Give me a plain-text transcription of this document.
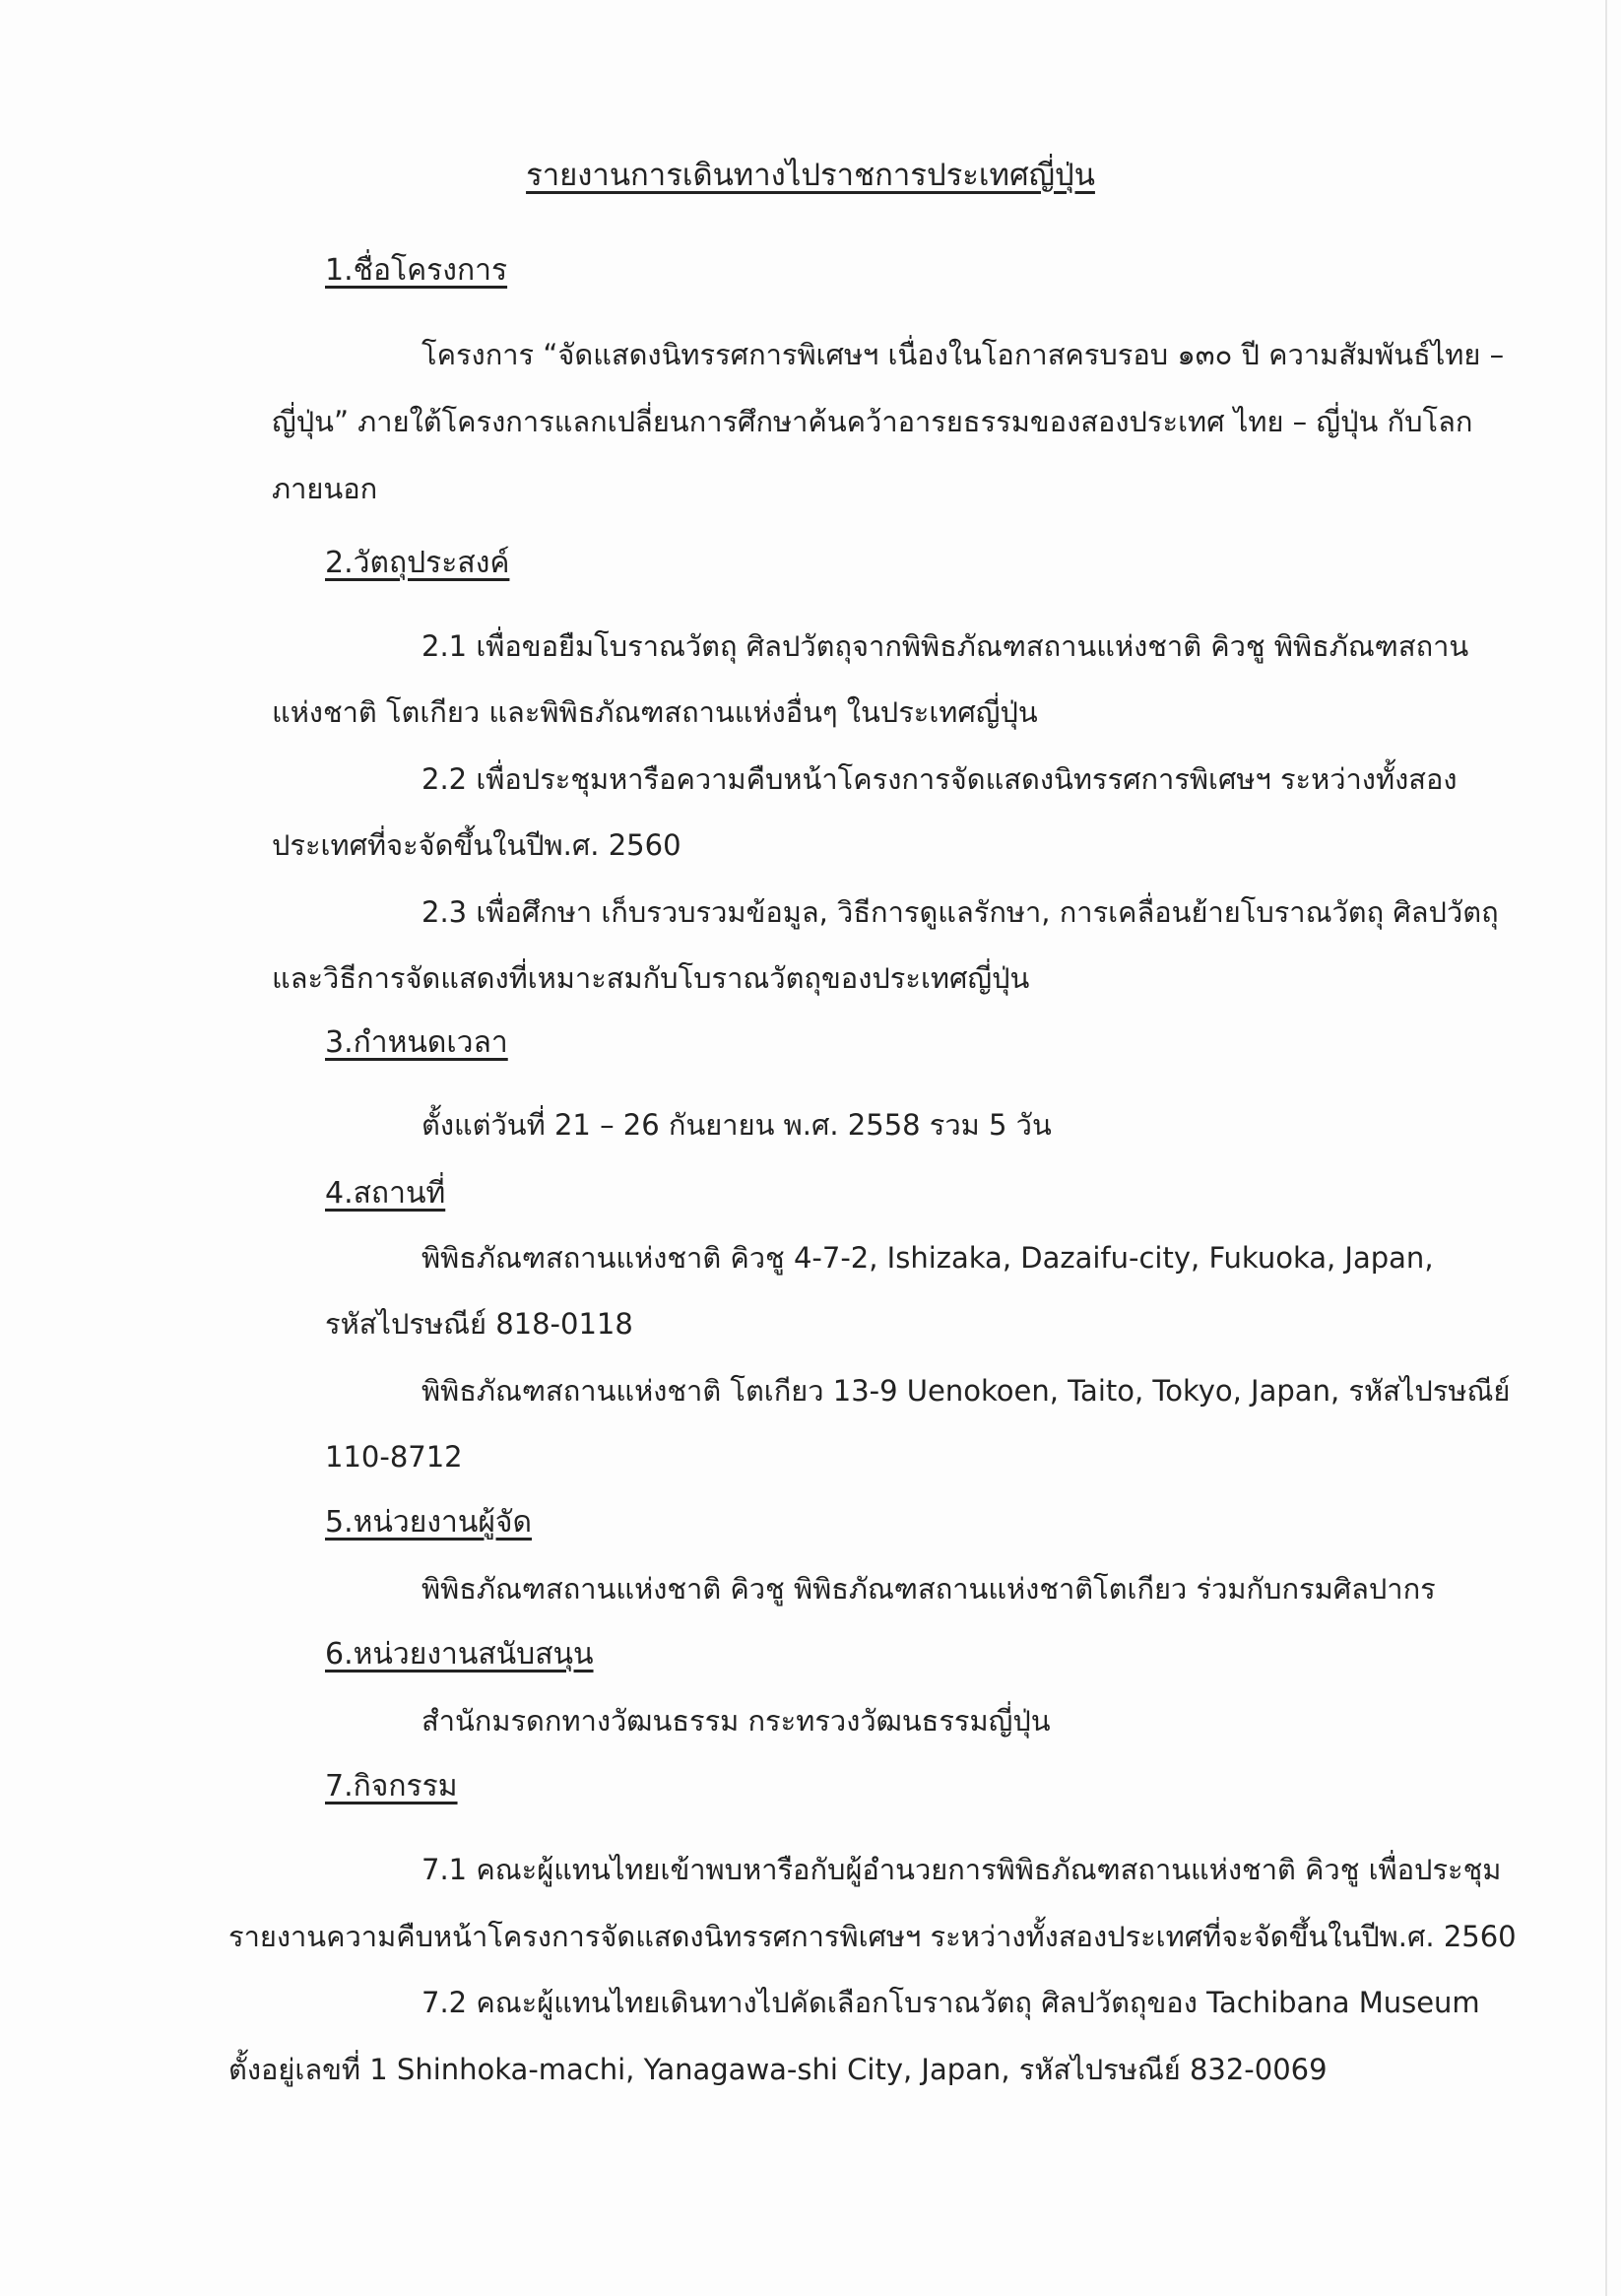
รายงานการเดินทางไปราชการประเทศญี่ปุ่น
1.ชื่อโครงการ
โครงการ “จัดแสดงนิทรรศการพิเศษฯ เนื่องในโอกาสครบรอบ ๑๓๐ ปี ความสัมพันธ์ไทย –
ญี่ปุ่น” ภายใต้โครงการแลกเปลี่ยนการศึกษาค้นคว้าอารยธรรมของสองประเทศ ไทย – ญี่ปุ่น กับโลก
ภายนอก
2.วัตถุประสงค์
2.1 เพื่อขอยืมโบราณวัตถุ ศิลปวัตถุจากพิพิธภัณฑสถานแห่งชาติ คิวชู พิพิธภัณฑสถาน
แห่งชาติ โตเกียว และพิพิธภัณฑสถานแห่งอื่นๆ ในประเทศญี่ปุ่น
2.2 เพื่อประชุมหารือความคืบหน้าโครงการจัดแสดงนิทรรศการพิเศษฯ ระหว่างทั้งสอง
ประเทศที่จะจัดขึ้นในปีพ.ศ. 2560
2.3 เพื่อศึกษา เก็บรวบรวมข้อมูล, วิธีการดูแลรักษา, การเคลื่อนย้ายโบราณวัตถุ ศิลปวัตถุ
และวิธีการจัดแสดงที่เหมาะสมกับโบราณวัตถุของประเทศญี่ปุ่น
3.กำหนดเวลา
ตั้งแต่วันที่ 21 – 26 กันยายน พ.ศ. 2558 รวม 5 วัน
4.สถานที่
พิพิธภัณฑสถานแห่งชาติ คิวชู 4-7-2, Ishizaka, Dazaifu-city, Fukuoka, Japan,
รหัสไปรษณีย์ 818-0118
พิพิธภัณฑสถานแห่งชาติ โตเกียว 13-9 Uenokoen, Taito, Tokyo, Japan, รหัสไปรษณีย์
110-8712
5.หน่วยงานผู้จัด
พิพิธภัณฑสถานแห่งชาติ คิวชู พิพิธภัณฑสถานแห่งชาติโตเกียว ร่วมกับกรมศิลปากร
6.หน่วยงานสนับสนุน
สำนักมรดกทางวัฒนธรรม กระทรวงวัฒนธรรมญี่ปุ่น
7.กิจกรรม
7.1 คณะผู้แทนไทยเข้าพบหารือกับผู้อำนวยการพิพิธภัณฑสถานแห่งชาติ คิวชู เพื่อประชุม
รายงานความคืบหน้าโครงการจัดแสดงนิทรรศการพิเศษฯ ระหว่างทั้งสองประเทศที่จะจัดขึ้นในปีพ.ศ. 2560
7.2 คณะผู้แทนไทยเดินทางไปคัดเลือกโบราณวัตถุ ศิลปวัตถุของ Tachibana Museum
ตั้งอยู่เลขที่ 1 Shinhoka-machi, Yanagawa-shi City, Japan, รหัสไปรษณีย์ 832-0069
